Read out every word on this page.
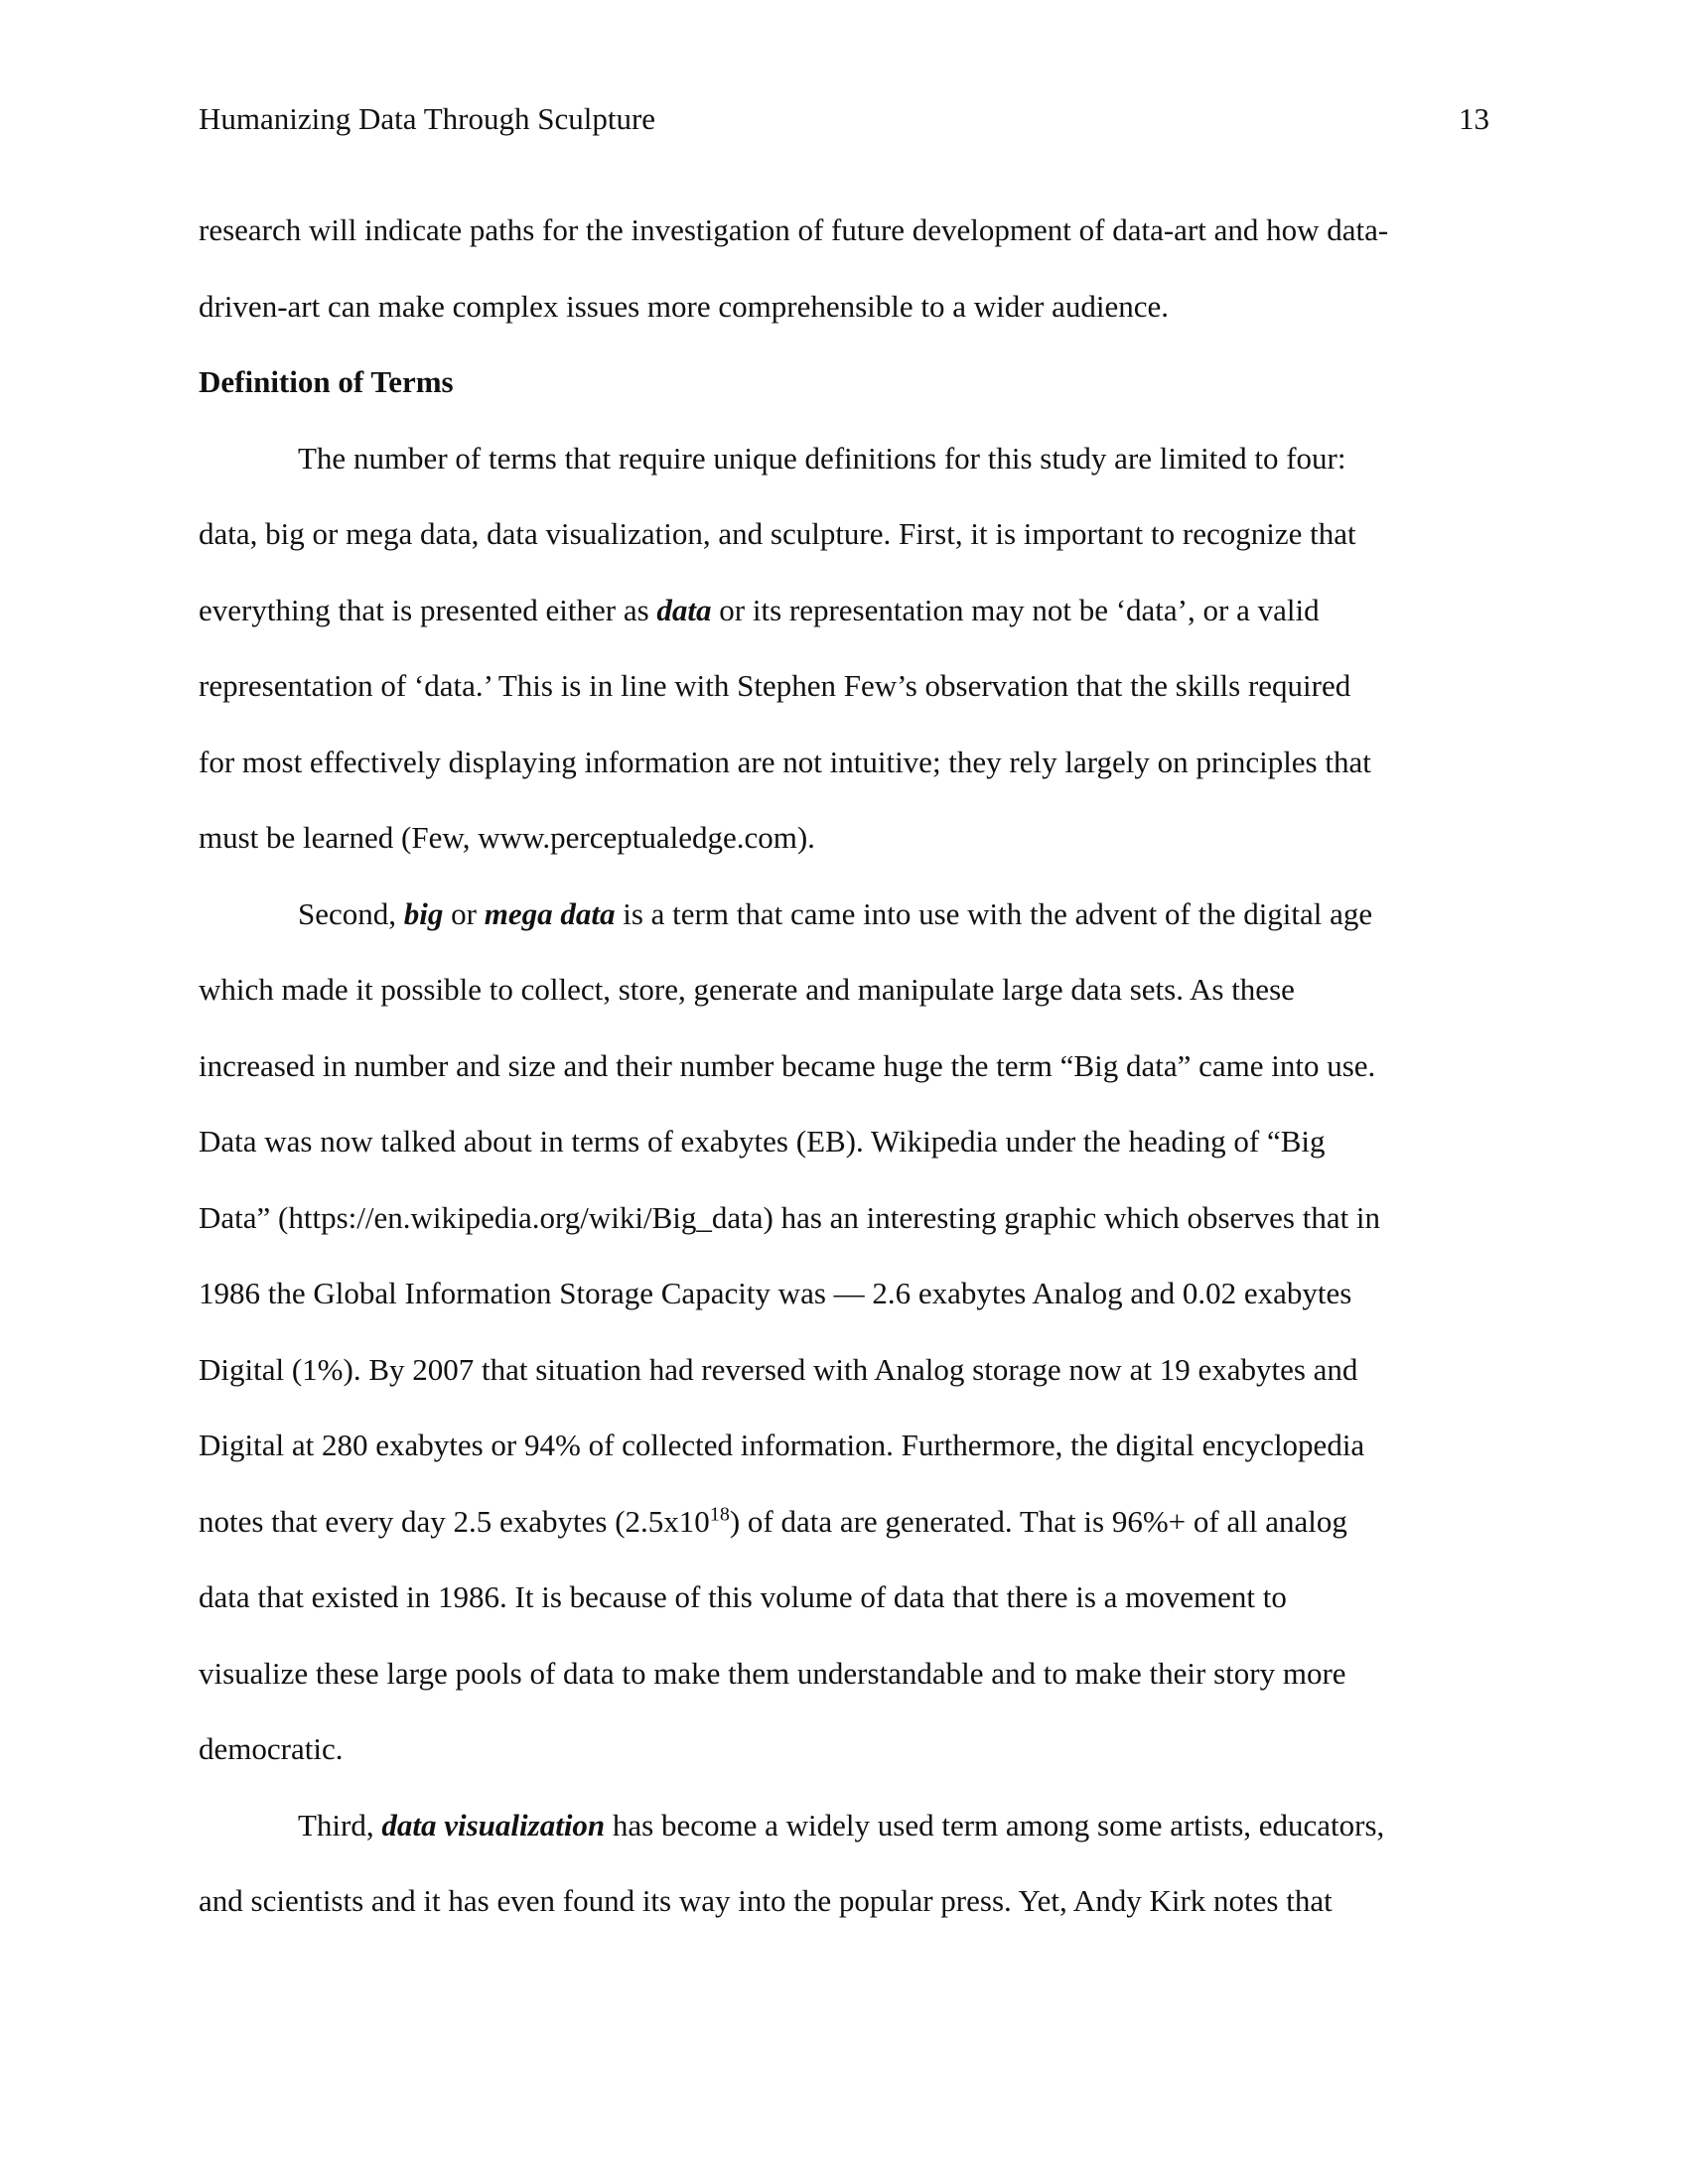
Humanizing Data Through Sculpture	13
research will indicate paths for the investigation of future development of data-art and how data-
driven-art can make complex issues more comprehensible to a wider audience.
Definition of Terms
The number of terms that require unique definitions for this study are limited to four:
data, big or mega data, data visualization, and sculpture. First, it is important to recognize that
everything that is presented either as data or its representation may not be ‘data’, or a valid
representation of ‘data.’ This is in line with Stephen Few’s observation that the skills required
for most effectively displaying information are not intuitive; they rely largely on principles that
must be learned (Few, www.perceptualedge.com).
Second, big or mega data is a term that came into use with the advent of the digital age
which made it possible to collect, store, generate and manipulate large data sets. As these
increased in number and size and their number became huge the term “Big data” came into use.
Data was now talked about in terms of exabytes (EB). Wikipedia under the heading of “Big
Data” (https://en.wikipedia.org/wiki/Big_data) has an interesting graphic which observes that in
1986 the Global Information Storage Capacity was — 2.6 exabytes Analog and 0.02 exabytes
Digital (1%). By 2007 that situation had reversed with Analog storage now at 19 exabytes and
Digital at 280 exabytes or 94% of collected information. Furthermore, the digital encyclopedia
notes that every day 2.5 exabytes $(2.5x10^{18})$ of data are generated. That is 96%+ of all analog
data that existed in 1986. It is because of this volume of data that there is a movement to
visualize these large pools of data to make them understandable and to make their story more
democratic.
Third, data visualization has become a widely used term among some artists, educators,
and scientists and it has even found its way into the popular press. Yet, Andy Kirk notes that
